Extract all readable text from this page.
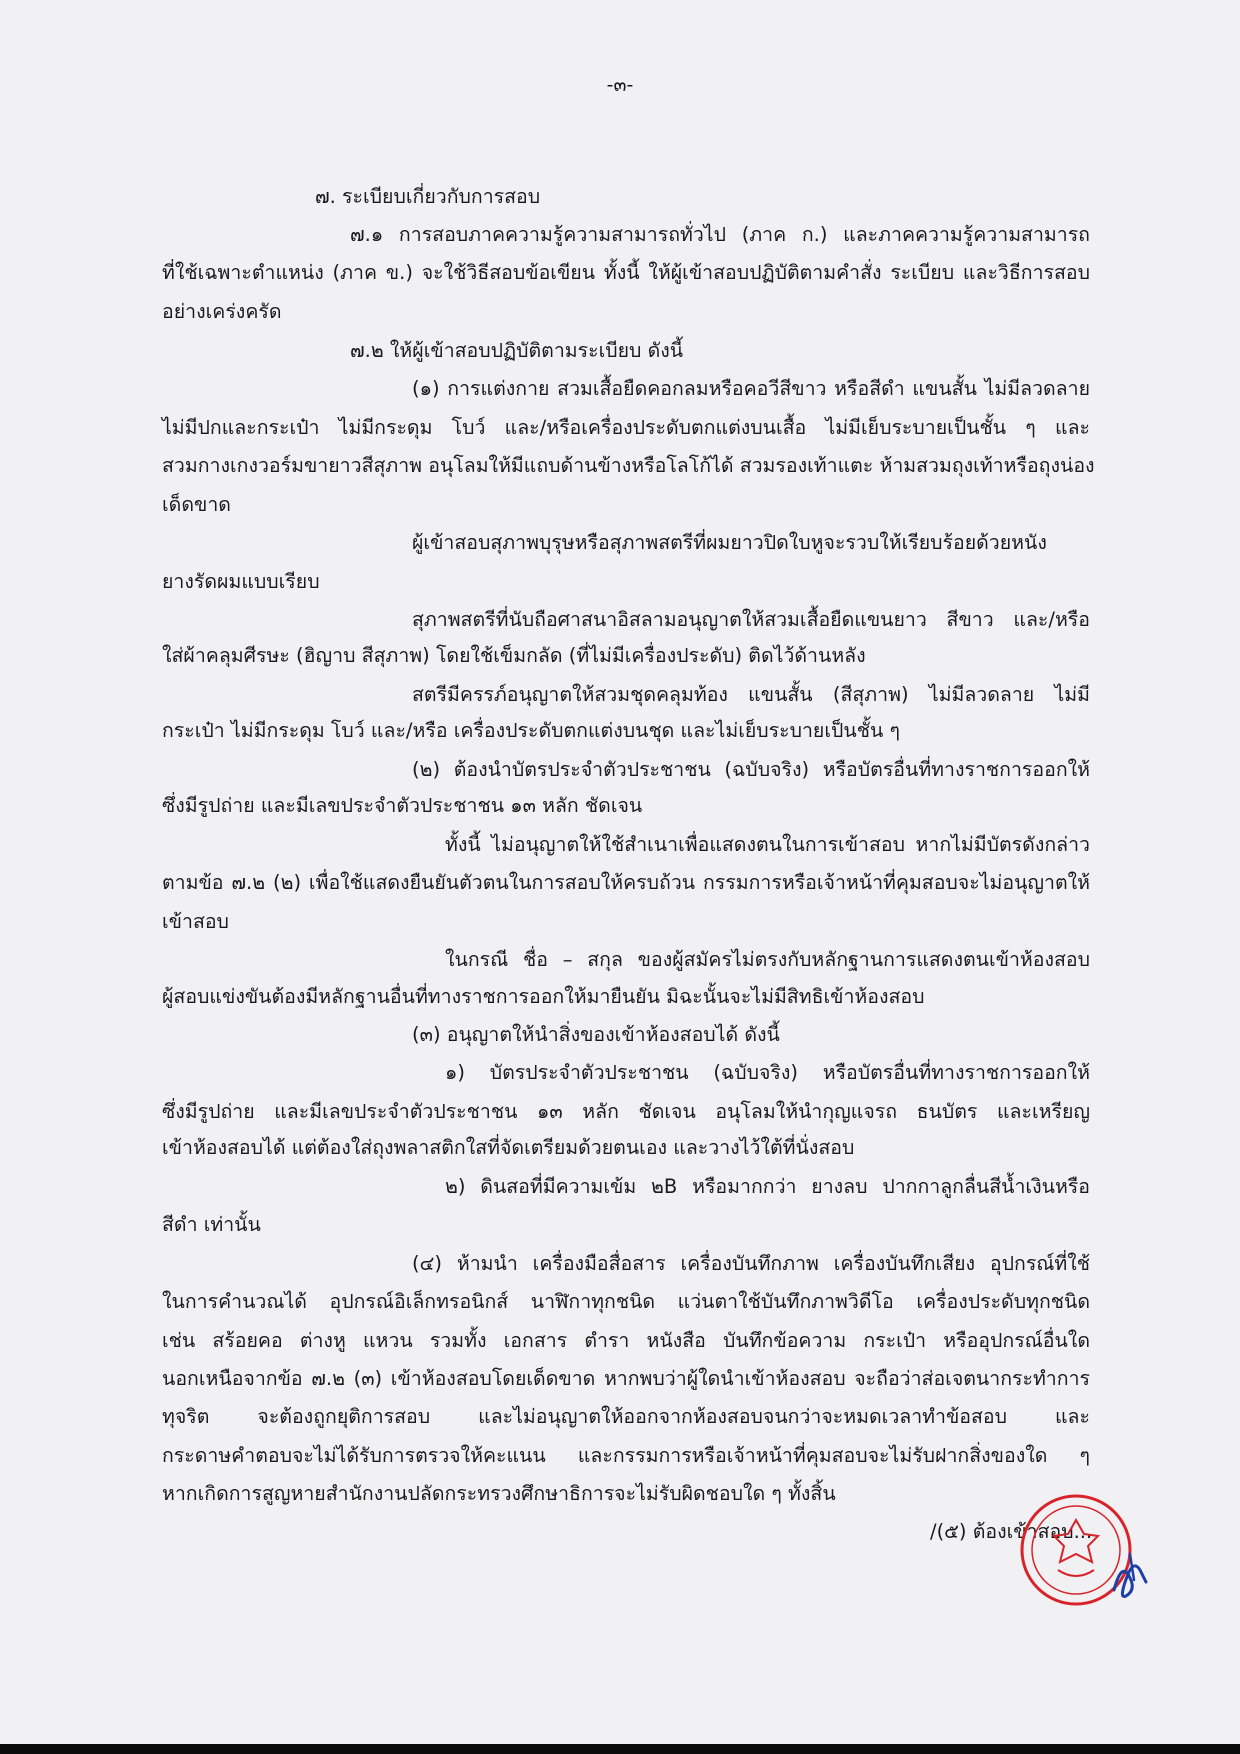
-๓-

๗. ระเบียบเกี่ยวกับการสอบ

๗.๑ การสอบภาคความรู้ความสามารถทั่วไป (ภาค ก.) และภาคความรู้ความสามารถ

ที่ใช้เฉพาะตำแหน่ง (ภาค ข.) จะใช้วิธีสอบข้อเขียน ทั้งนี้ ให้ผู้เข้าสอบปฏิบัติตามคำสั่ง ระเบียบ และวิธีการสอบ

อย่างเคร่งครัด

๗.๒ ให้ผู้เข้าสอบปฏิบัติตามระเบียบ ดังนี้

(๑) การแต่งกาย สวมเสื้อยืดคอกลมหรือคอวีสีขาว หรือสีดำ แขนสั้น ไม่มีลวดลาย

ไม่มีปกและกระเป๋า ไม่มีกระดุม โบว์ และ/หรือเครื่องประดับตกแต่งบนเสื้อ ไม่มีเย็บระบายเป็นชั้น ๆ และ

สวมกางเกงวอร์มขายาวสีสุภาพ อนุโลมให้มีแถบด้านข้างหรือโลโก้ได้ สวมรองเท้าแตะ ห้ามสวมถุงเท้าหรือถุงน่อง

เด็ดขาด

ผู้เข้าสอบสุภาพบุรุษหรือสุภาพสตรีที่ผมยาวปิดใบหูจะรวบให้เรียบร้อยด้วยหนัง

ยางรัดผมแบบเรียบ

สุภาพสตรีที่นับถือศาสนาอิสลามอนุญาตให้สวมเสื้อยืดแขนยาว สีขาว และ/หรือ

ใส่ผ้าคลุมศีรษะ (ฮิญาบ สีสุภาพ) โดยใช้เข็มกลัด (ที่ไม่มีเครื่องประดับ) ติดไว้ด้านหลัง

สตรีมีครรภ์อนุญาตให้สวมชุดคลุมท้อง แขนสั้น (สีสุภาพ) ไม่มีลวดลาย ไม่มี

กระเป๋า ไม่มีกระดุม โบว์ และ/หรือ เครื่องประดับตกแต่งบนชุด และไม่เย็บระบายเป็นชั้น ๆ

(๒) ต้องนำบัตรประจำตัวประชาชน (ฉบับจริง) หรือบัตรอื่นที่ทางราชการออกให้

ซึ่งมีรูปถ่าย และมีเลขประจำตัวประชาชน ๑๓ หลัก ชัดเจน

ทั้งนี้ ไม่อนุญาตให้ใช้สำเนาเพื่อแสดงตนในการเข้าสอบ หากไม่มีบัตรดังกล่าว

ตามข้อ ๗.๒ (๒) เพื่อใช้แสดงยืนยันตัวตนในการสอบให้ครบถ้วน กรรมการหรือเจ้าหน้าที่คุมสอบจะไม่อนุญาตให้

เข้าสอบ

ในกรณี ชื่อ – สกุล ของผู้สมัครไม่ตรงกับหลักฐานการแสดงตนเข้าห้องสอบ

ผู้สอบแข่งขันต้องมีหลักฐานอื่นที่ทางราชการออกให้มายืนยัน มิฉะนั้นจะไม่มีสิทธิเข้าห้องสอบ

(๓) อนุญาตให้นำสิ่งของเข้าห้องสอบได้ ดังนี้

๑) บัตรประจำตัวประชาชน (ฉบับจริง) หรือบัตรอื่นที่ทางราชการออกให้

ซึ่งมีรูปถ่าย และมีเลขประจำตัวประชาชน ๑๓ หลัก ชัดเจน อนุโลมให้นำกุญแจรถ ธนบัตร และเหรียญ

เข้าห้องสอบได้ แต่ต้องใส่ถุงพลาสติกใสที่จัดเตรียมด้วยตนเอง และวางไว้ใต้ที่นั่งสอบ

๒) ดินสอที่มีความเข้ม ๒B หรือมากกว่า ยางลบ ปากกาลูกลื่นสีน้ำเงินหรือ

สีดำ เท่านั้น

(๔) ห้ามนำ เครื่องมือสื่อสาร เครื่องบันทึกภาพ เครื่องบันทึกเสียง อุปกรณ์ที่ใช้

ในการคำนวณได้ อุปกรณ์อิเล็กทรอนิกส์ นาฬิกาทุกชนิด แว่นตาใช้บันทึกภาพวิดีโอ เครื่องประดับทุกชนิด

เช่น สร้อยคอ ต่างหู แหวน รวมทั้ง เอกสาร ตำรา หนังสือ บันทึกข้อความ กระเป๋า หรืออุปกรณ์อื่นใด

นอกเหนือจากข้อ ๗.๒ (๓) เข้าห้องสอบโดยเด็ดขาด หากพบว่าผู้ใดนำเข้าห้องสอบ จะถือว่าส่อเจตนากระทำการ

ทุจริต จะต้องถูกยุติการสอบ และไม่อนุญาตให้ออกจากห้องสอบจนกว่าจะหมดเวลาทำข้อสอบ และ

กระดาษคำตอบจะไม่ได้รับการตรวจให้คะแนน และกรรมการหรือเจ้าหน้าที่คุมสอบจะไม่รับฝากสิ่งของใด ๆ

หากเกิดการสูญหายสำนักงานปลัดกระทรวงศึกษาธิการจะไม่รับผิดชอบใด ๆ ทั้งสิ้น

/(๕) ต้องเข้าสอบ...
